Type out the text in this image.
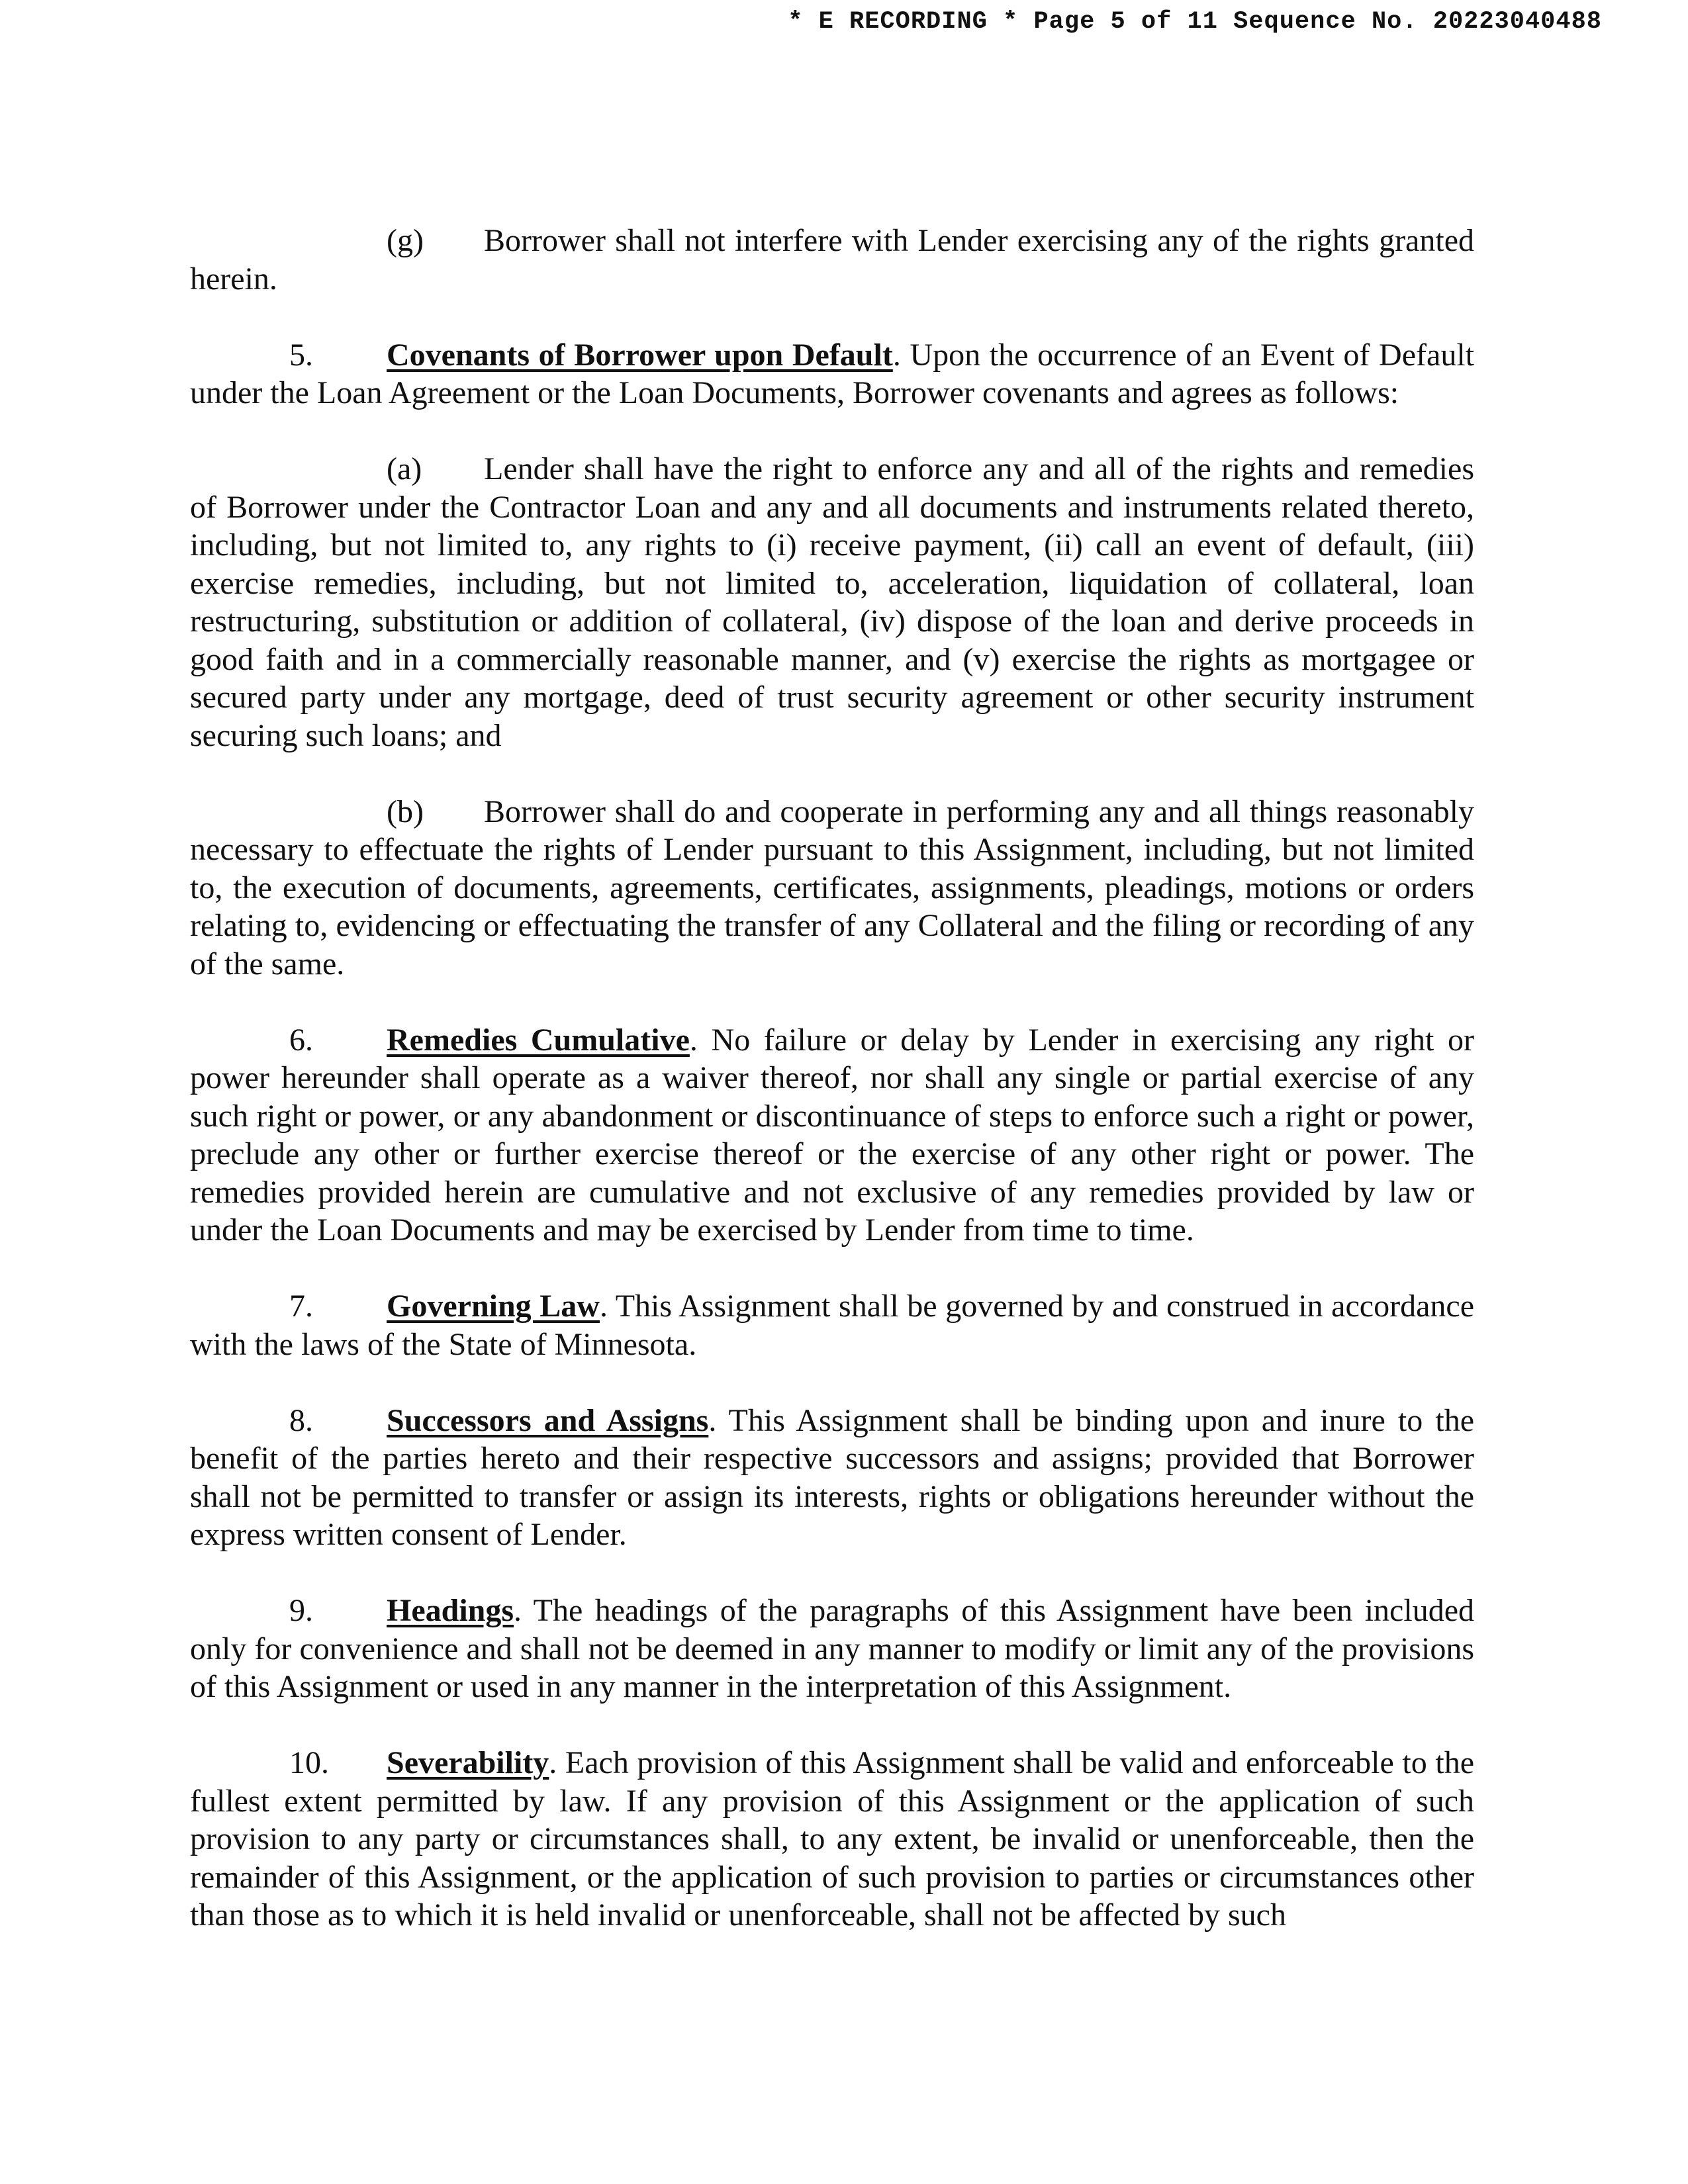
* E RECORDING * Page 5 of 11 Sequence No. 20223040488

(g) Borrower shall not interfere with Lender exercising any of the rights granted herein.

5. Covenants of Borrower upon Default. Upon the occurrence of an Event of Default under the Loan Agreement or the Loan Documents, Borrower covenants and agrees as follows:

(a) Lender shall have the right to enforce any and all of the rights and remedies of Borrower under the Contractor Loan and any and all documents and instruments related thereto, including, but not limited to, any rights to (i) receive payment, (ii) call an event of default, (iii) exercise remedies, including, but not limited to, acceleration, liquidation of collateral, loan restructuring, substitution or addition of collateral, (iv) dispose of the loan and derive proceeds in good faith and in a commercially reasonable manner, and (v) exercise the rights as mortgagee or secured party under any mortgage, deed of trust security agreement or other security instrument securing such loans; and

(b) Borrower shall do and cooperate in performing any and all things reasonably necessary to effectuate the rights of Lender pursuant to this Assignment, including, but not limited to, the execution of documents, agreements, certificates, assignments, pleadings, motions or orders relating to, evidencing or effectuating the transfer of any Collateral and the filing or recording of any of the same.

6. Remedies Cumulative. No failure or delay by Lender in exercising any right or power hereunder shall operate as a waiver thereof, nor shall any single or partial exercise of any such right or power, or any abandonment or discontinuance of steps to enforce such a right or power, preclude any other or further exercise thereof or the exercise of any other right or power. The remedies provided herein are cumulative and not exclusive of any remedies provided by law or under the Loan Documents and may be exercised by Lender from time to time.

7. Governing Law. This Assignment shall be governed by and construed in accordance with the laws of the State of Minnesota.

8. Successors and Assigns. This Assignment shall be binding upon and inure to the benefit of the parties hereto and their respective successors and assigns; provided that Borrower shall not be permitted to transfer or assign its interests, rights or obligations hereunder without the express written consent of Lender.

9. Headings. The headings of the paragraphs of this Assignment have been included only for convenience and shall not be deemed in any manner to modify or limit any of the provisions of this Assignment or used in any manner in the interpretation of this Assignment.

10. Severability. Each provision of this Assignment shall be valid and enforceable to the fullest extent permitted by law. If any provision of this Assignment or the application of such provision to any party or circumstances shall, to any extent, be invalid or unenforceable, then the remainder of this Assignment, or the application of such provision to parties or circumstances other than those as to which it is held invalid or unenforceable, shall not be affected by such
